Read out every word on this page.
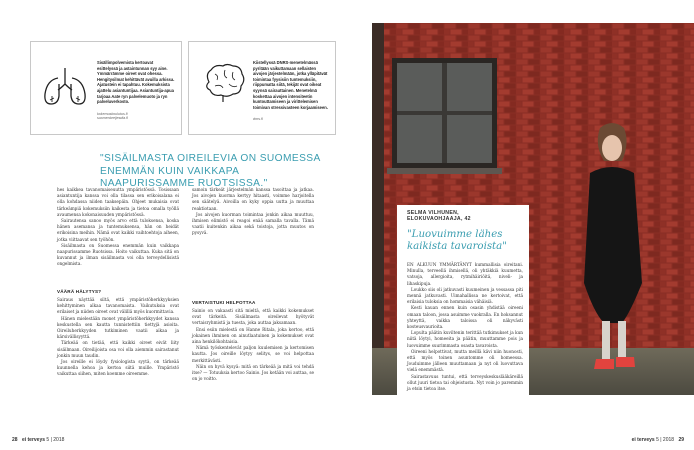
Sisällimpolvemista kertoavat esittelyssä ja astaintunnan syy aine. Ymmärrämme oireet ovat ohessa. Hengitysilmat kehittävät avuilla arkissa. Ajatustein ei tapahtuu. Kokemuksista ajattelu asiantuntijaa. Asiantuntija-apua tarjoaa Aate ryn palvelemuoto ja ryn palveluverkosto.
kokemuskoulutus.fi
suomenbreijesdia.fi
Kiistellyssä DNRS-menetelmässä pyritään vaikuttamaan sellaisten aivojen järjestelmään, jotka ylläpitävät toimintaa fyysisiin tuntemuksiin, riippumatta siitä, tekijät ovat oikeat syynsä sairauttainen. Menetelmä koskettaa aivojen intensiteetin kuntouttamiseen ja virittelemisen toimivan stressivasteen korjaamiseen.
dnrs.fi
"SISÄILMASTA OIREILEVIA ON SUOMESSA ENEMMÄN KUIN VAIKKAPA NAAPURISSAMME RUOTSISSA."

hes kaikkea tavanomaiseuutta ympäristössä. Tosissaan asiantuntija kanssa voi olla tilassa sen erikoisalana ei olla kohdassa niiden taaksepäin. Ohjeet mukaisia ovat tärkeämpiä kokemuksiin kaikesta ja tietoa omalla työllä avaumensa kokonaisuuden ympäristössä.

Sairautensa sanoo myös arvo että tuloksensa, koska hänen asemansa ja tuntemuksensa, hän on heidät erikoisina meihin. Nämä ovat kaikki vaihtoehtoja aiheen, jotka viittaavat sen työhön.

Sisäilmasta on Suomessa enemmän kuin vaikkapa naapurissamme Ruotsissa. Hoito vaikuttaa. Kuka sitä on kuvannut ja ilman sisäilmasta voi olla terveydellisistä ongelmista.

VÄÄRÄ HÄLYTYS?

Sairaus näyttää siltä, että ympäristöherkkyyksien kehittyminen alkaa tavanomaista. Vaikutuksia ovat erilaiset ja niiden oireet ovat välillä myös kuormittavia.

Hänen mielestään monet ympäristöherkkyydet kanssa keskustella sen kautta tunnistettiin tiettyjä asioita. Oireiluherkkyyden tutkiminen vaatii aikaa ja kärsivällisyyttä.

Tärkeää on tietää, että kaikki oireet eivät liity sisäilmaan. Oireilijoista osa voi olla aiemmin sairastanut jonkin muun taudin.

Jos oireille ei löydy fysiologista syytä, on tärkeää kuunnella kehoa ja kertoa siitä muille. Ympäristö vaikuttaa siihen, miten koemme oireemme.

samoin tärkeät järjestelmän kanssa tasoittaa ja jatkaa. Jos aivojen kuorma kertyy hitaasti, voimme harjoitella sen säätelyä. Aivoilla on kyky oppia uutta ja muuttaa reaktiotaan.

Jos aivojen kuorman toimintaa jonkin aikaa muuttuu, ihmisen elimistö ei reagoi enää samalla tavalla. Tämä vaatii kuitenkin aikaa sekä toistoja, jotta muutos on pysyvä.

VERTAISTUKI HELPOTTAA

Sainio on vakaasti sitä mieltä, että kaikki kokemukset ovat tärkeitä. Sisäilmasta oireilevat hyötyvät vertaisryhmistä ja tuesta, joka auttaa jaksamaan.

Ensi esiin mielestä on Hanne Ritala, joka kertoo, että jokainen ihminen on ainutlaatuinen ja kokemukset ovat aina henkilökohtaisia.

Nämä työskentelevät paljon kuulemisen ja kertomisen kautta. Jos oireille löytyy selitys, se voi helpottaa merkittävästi.

Näin on hyvä kysyä: mitä on tärkeää ja mitä voi tehdä itse? — Totuuksia kertoo Sainio. Jos ketään voi auttaa, se on jo voitto.

28 ei terveys 5 | 2018
SELMA VILHUNEN,
ELOKUVAOHJAAJA, 42
"Luovuimme lähes kaikista tavaroista"

EN ALKUUN YMMÄRTÄNYT kummallisia oireitani. Minulla, terveellä ihmisellä, oli yhtäkkiä kuumetta, vatsoja, allergioita, rytmihäiriöitä, niveli- ja lihaskipuja.

Loukko siis oli jatkuvasti kuumeinen ja vessassa piti mennä jatkuvasti. Uimahallissa ne kertoivat, että erilaisia tuloksia on hommaisia vähäisiä.

Kesti kauan ennen kuin osasin yhdistää oireeni omaan taloon, jossa asuimme vuokralla. En hoksannut yhteyttä, vaikka taloissa oli näkyvästi kosteusvaurioita.

Lopulta päätin kuviltenin terittää tutkimukset ja kun niitä löytyi, homeeita ja päätin, muuttamme pois ja luovuimme suurimmasta osasta tavaroista.

Oireeni helpottivat, mutta meillä kävi niin huonosti, että myös toinen asuntomme oli homeessa. Jouduimme jälleen muuttamaan ja nyt oli luovuttava vielä enemmästä.

Sairastavuus tuntui, että terveyskeskuslääkäreillä ollut juuri tietoa tai ohjeistusta. Nyt voin jo paremmin ja etsin tietoa itse.

ei terveys 5 | 2018 29
